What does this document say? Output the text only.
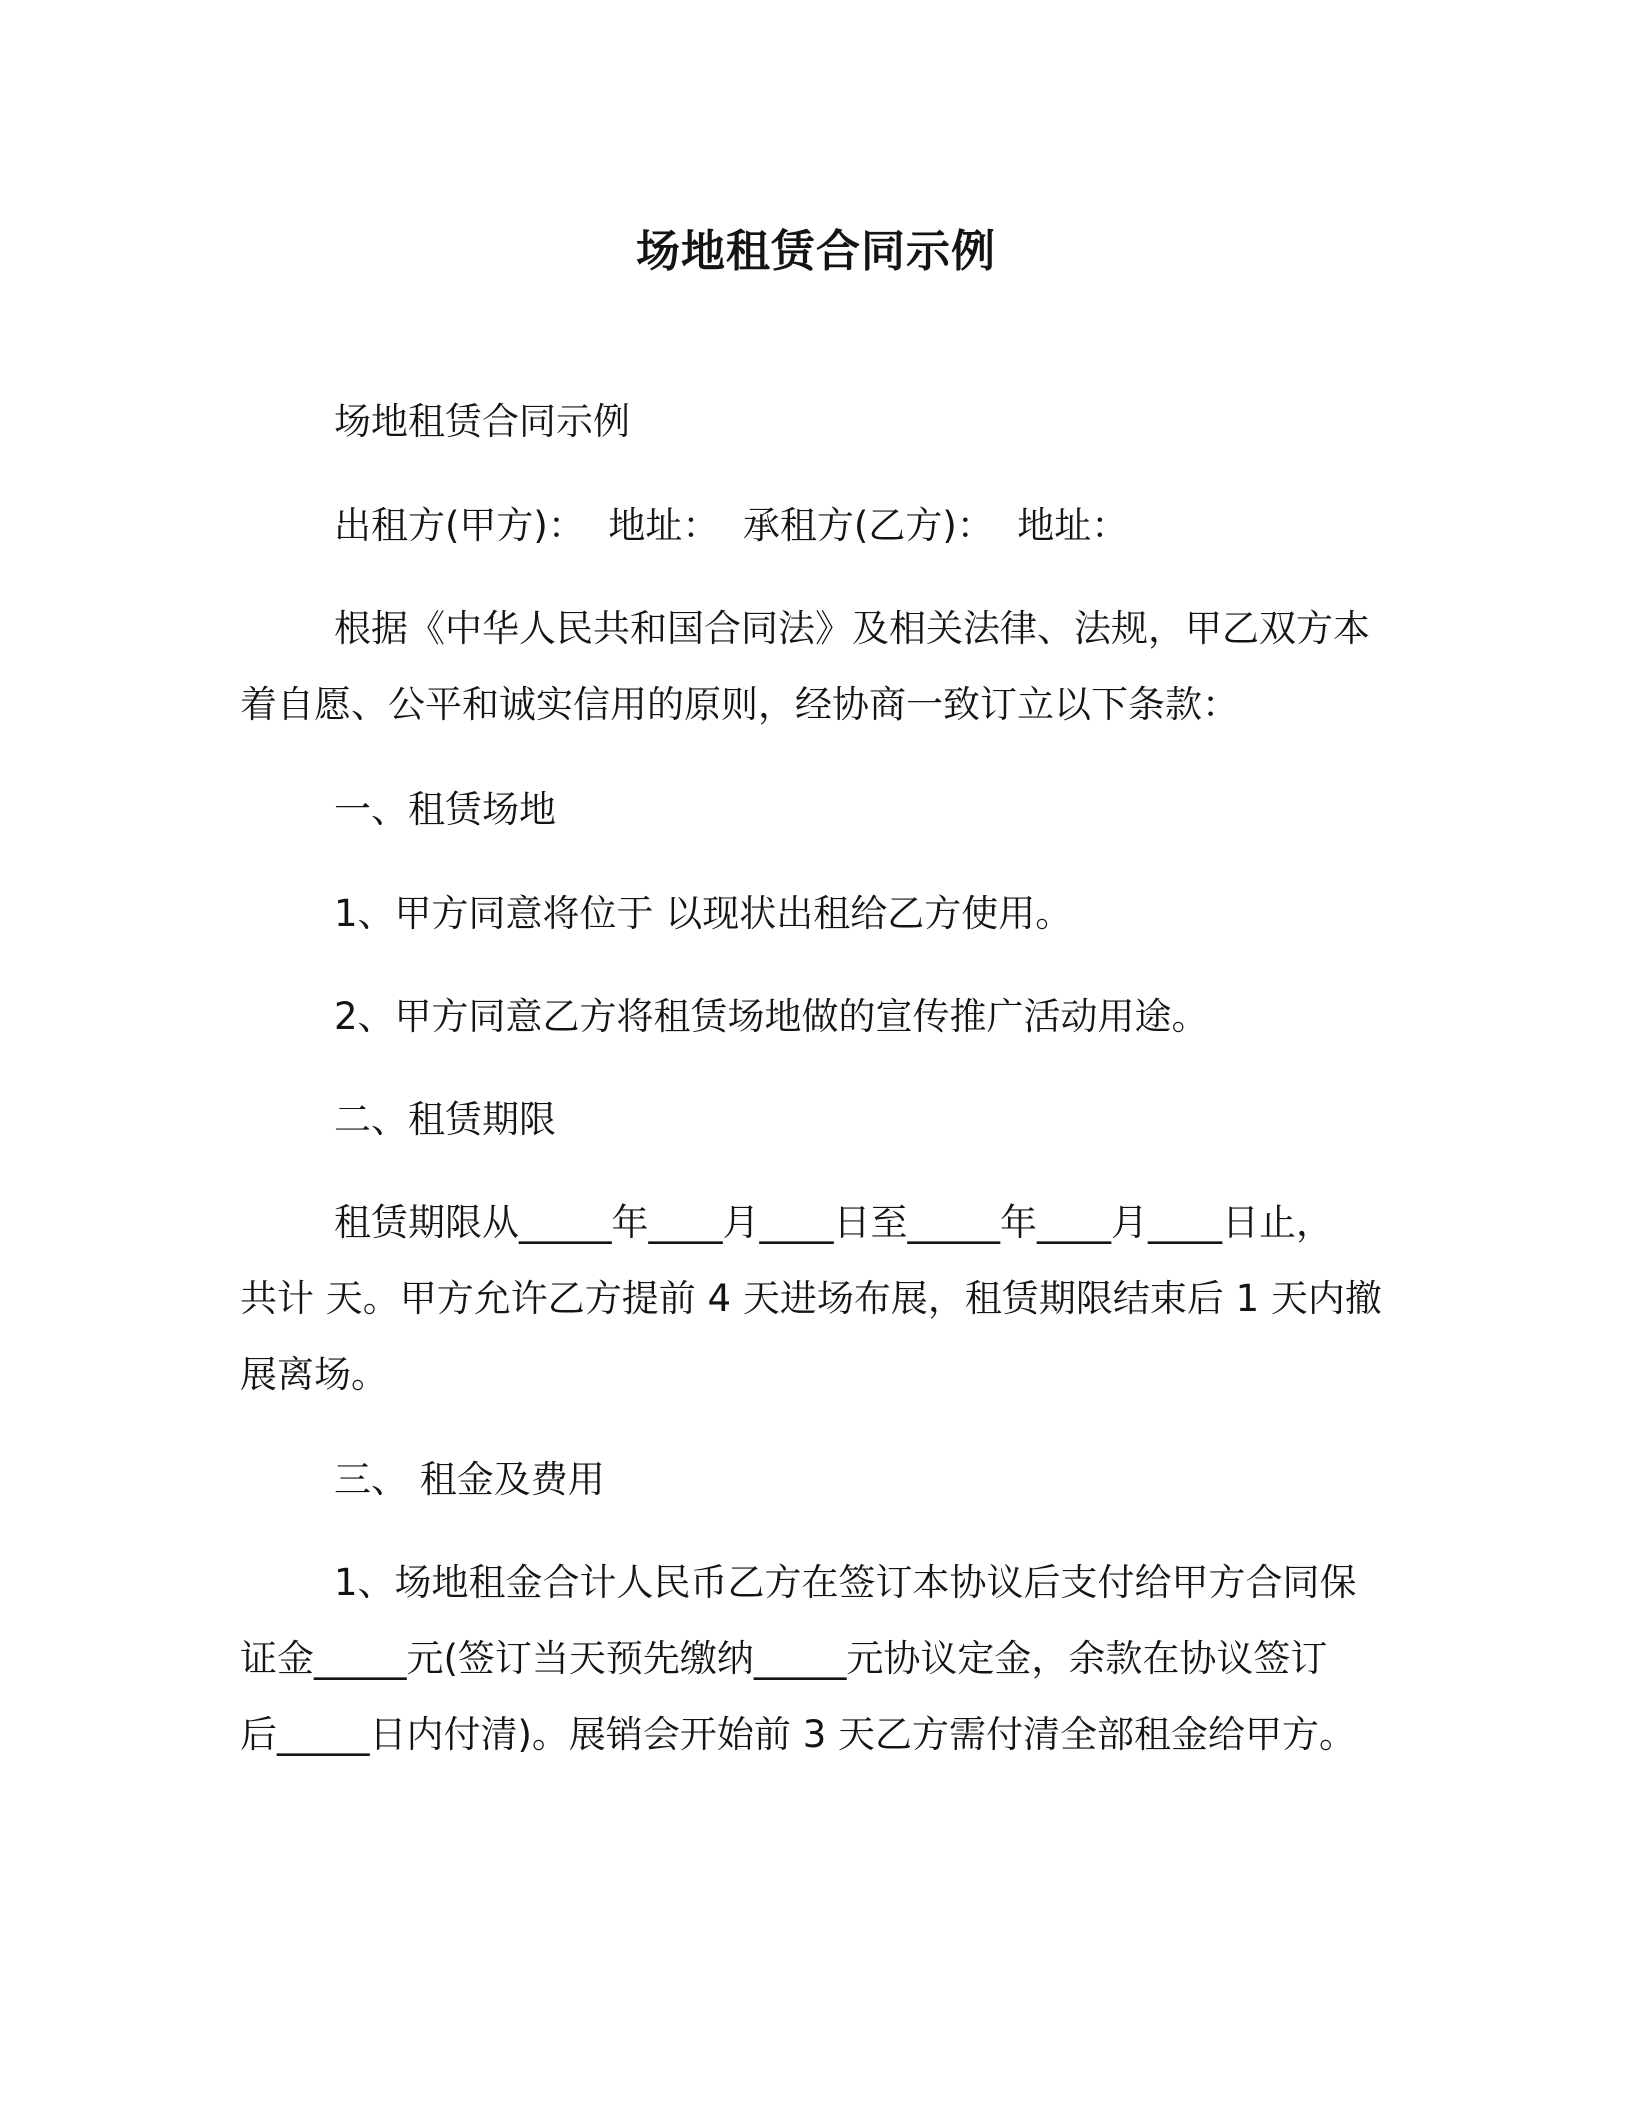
场地租赁合同示例
场地租赁合同示例
出租方(甲方)：  地址：  承租方(乙方)：  地址：
根据《中华人民共和国合同法》及相关法律、法规，甲乙双方本
着自愿、公平和诚实信用的原则，经协商一致订立以下条款：
一、租赁场地
1、甲方同意将位于 以现状出租给乙方使用。
2、甲方同意乙方将租赁场地做的宣传推广活动用途。
二、租赁期限
租赁期限从_____年____月____日至_____年____月____日止，
共计 天。甲方允许乙方提前 4 天进场布展，租赁期限结束后 1 天内撤
展离场。
三、 租金及费用
1、场地租金合计人民币乙方在签订本协议后支付给甲方合同保
证金_____元(签订当天预先缴纳_____元协议定金，余款在协议签订
后_____日内付清)。展销会开始前 3 天乙方需付清全部租金给甲方。
